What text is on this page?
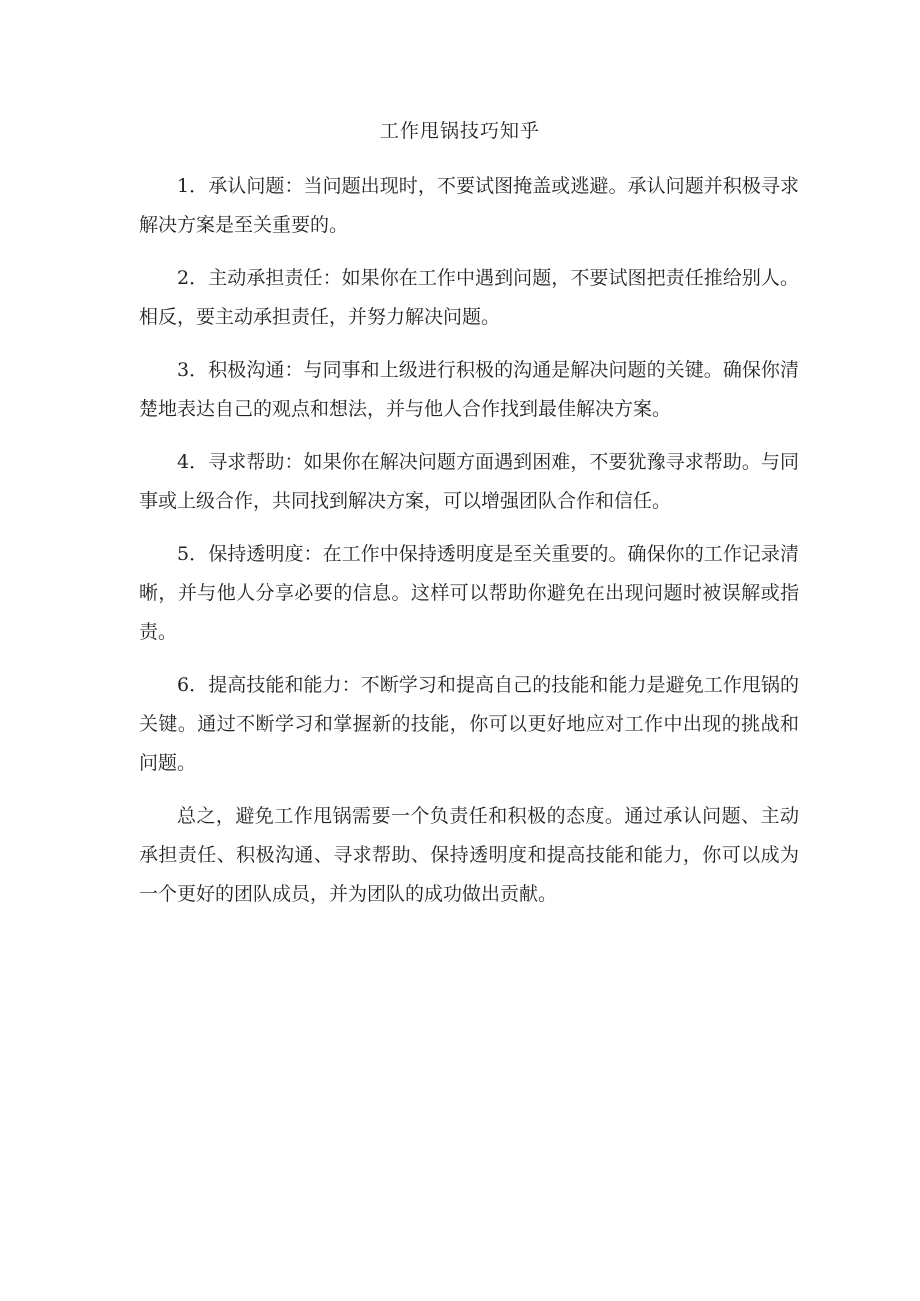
工作甩锅技巧知乎

1．承认问题：当问题出现时，不要试图掩盖或逃避。承认问题并积极寻求解决方案是至关重要的。

2．主动承担责任：如果你在工作中遇到问题，不要试图把责任推给别人。相反，要主动承担责任，并努力解决问题。

3．积极沟通：与同事和上级进行积极的沟通是解决问题的关键。确保你清楚地表达自己的观点和想法，并与他人合作找到最佳解决方案。

4．寻求帮助：如果你在解决问题方面遇到困难，不要犹豫寻求帮助。与同事或上级合作，共同找到解决方案，可以增强团队合作和信任。

5．保持透明度：在工作中保持透明度是至关重要的。确保你的工作记录清晰，并与他人分享必要的信息。这样可以帮助你避免在出现问题时被误解或指责。

6．提高技能和能力：不断学习和提高自己的技能和能力是避免工作甩锅的关键。通过不断学习和掌握新的技能，你可以更好地应对工作中出现的挑战和问题。

总之，避免工作甩锅需要一个负责任和积极的态度。通过承认问题、主动承担责任、积极沟通、寻求帮助、保持透明度和提高技能和能力，你可以成为一个更好的团队成员，并为团队的成功做出贡献。
